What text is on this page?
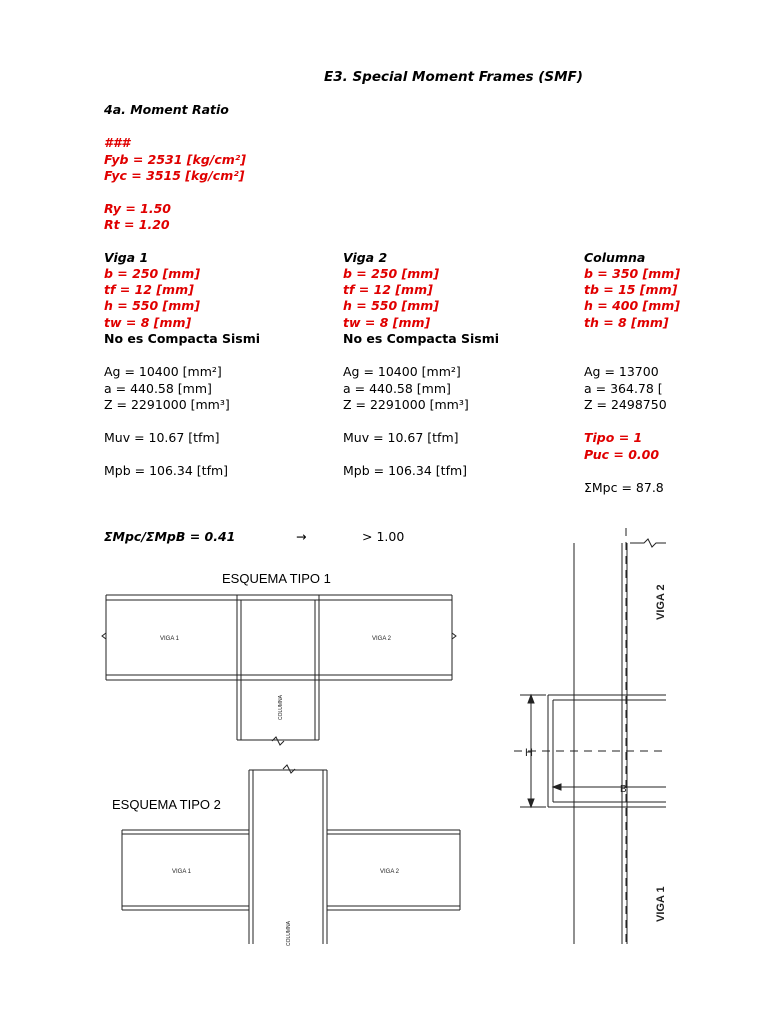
E3. Special Moment Frames (SMF)
4a. Moment Ratio
###
Fyb = 2531 [kg/cm²]
Fyc = 3515 [kg/cm²]
Ry = 1.50
Rt = 1.20
Viga 1
b = 250 [mm]
tf = 12 [mm]
h = 550 [mm]
tw = 8 [mm]
No es Compacta Sismi
Ag = 10400 [mm²]
a = 440.58 [mm]
Z = 2291000 [mm³]
Muv = 10.67 [tfm]
Mpb = 106.34 [tfm]
Viga 2
b = 250 [mm]
tf = 12 [mm]
h = 550 [mm]
tw = 8 [mm]
No es Compacta Sismi
Ag = 10400 [mm²]
a = 440.58 [mm]
Z = 2291000 [mm³]
Muv = 10.67 [tfm]
Mpb = 106.34 [tfm]
Columna
b = 350 [mm]
tb = 15 [mm]
h = 400 [mm]
th = 8 [mm]
Ag = 13700
a = 364.78 [
Z = 2498750
Tipo = 1
Puc = 0.00
ΣMpc = 87.8
ΣMpc/ΣMpB = 0.41	→	> 1.00
ESQUEMA TIPO 1
VIGA 1	VIGA 2
COLUMNA
ESQUEMA TIPO 2
VIGA 1	VIGA 2
COLUMNA
VIGA 2
VIGA 1
H
B
